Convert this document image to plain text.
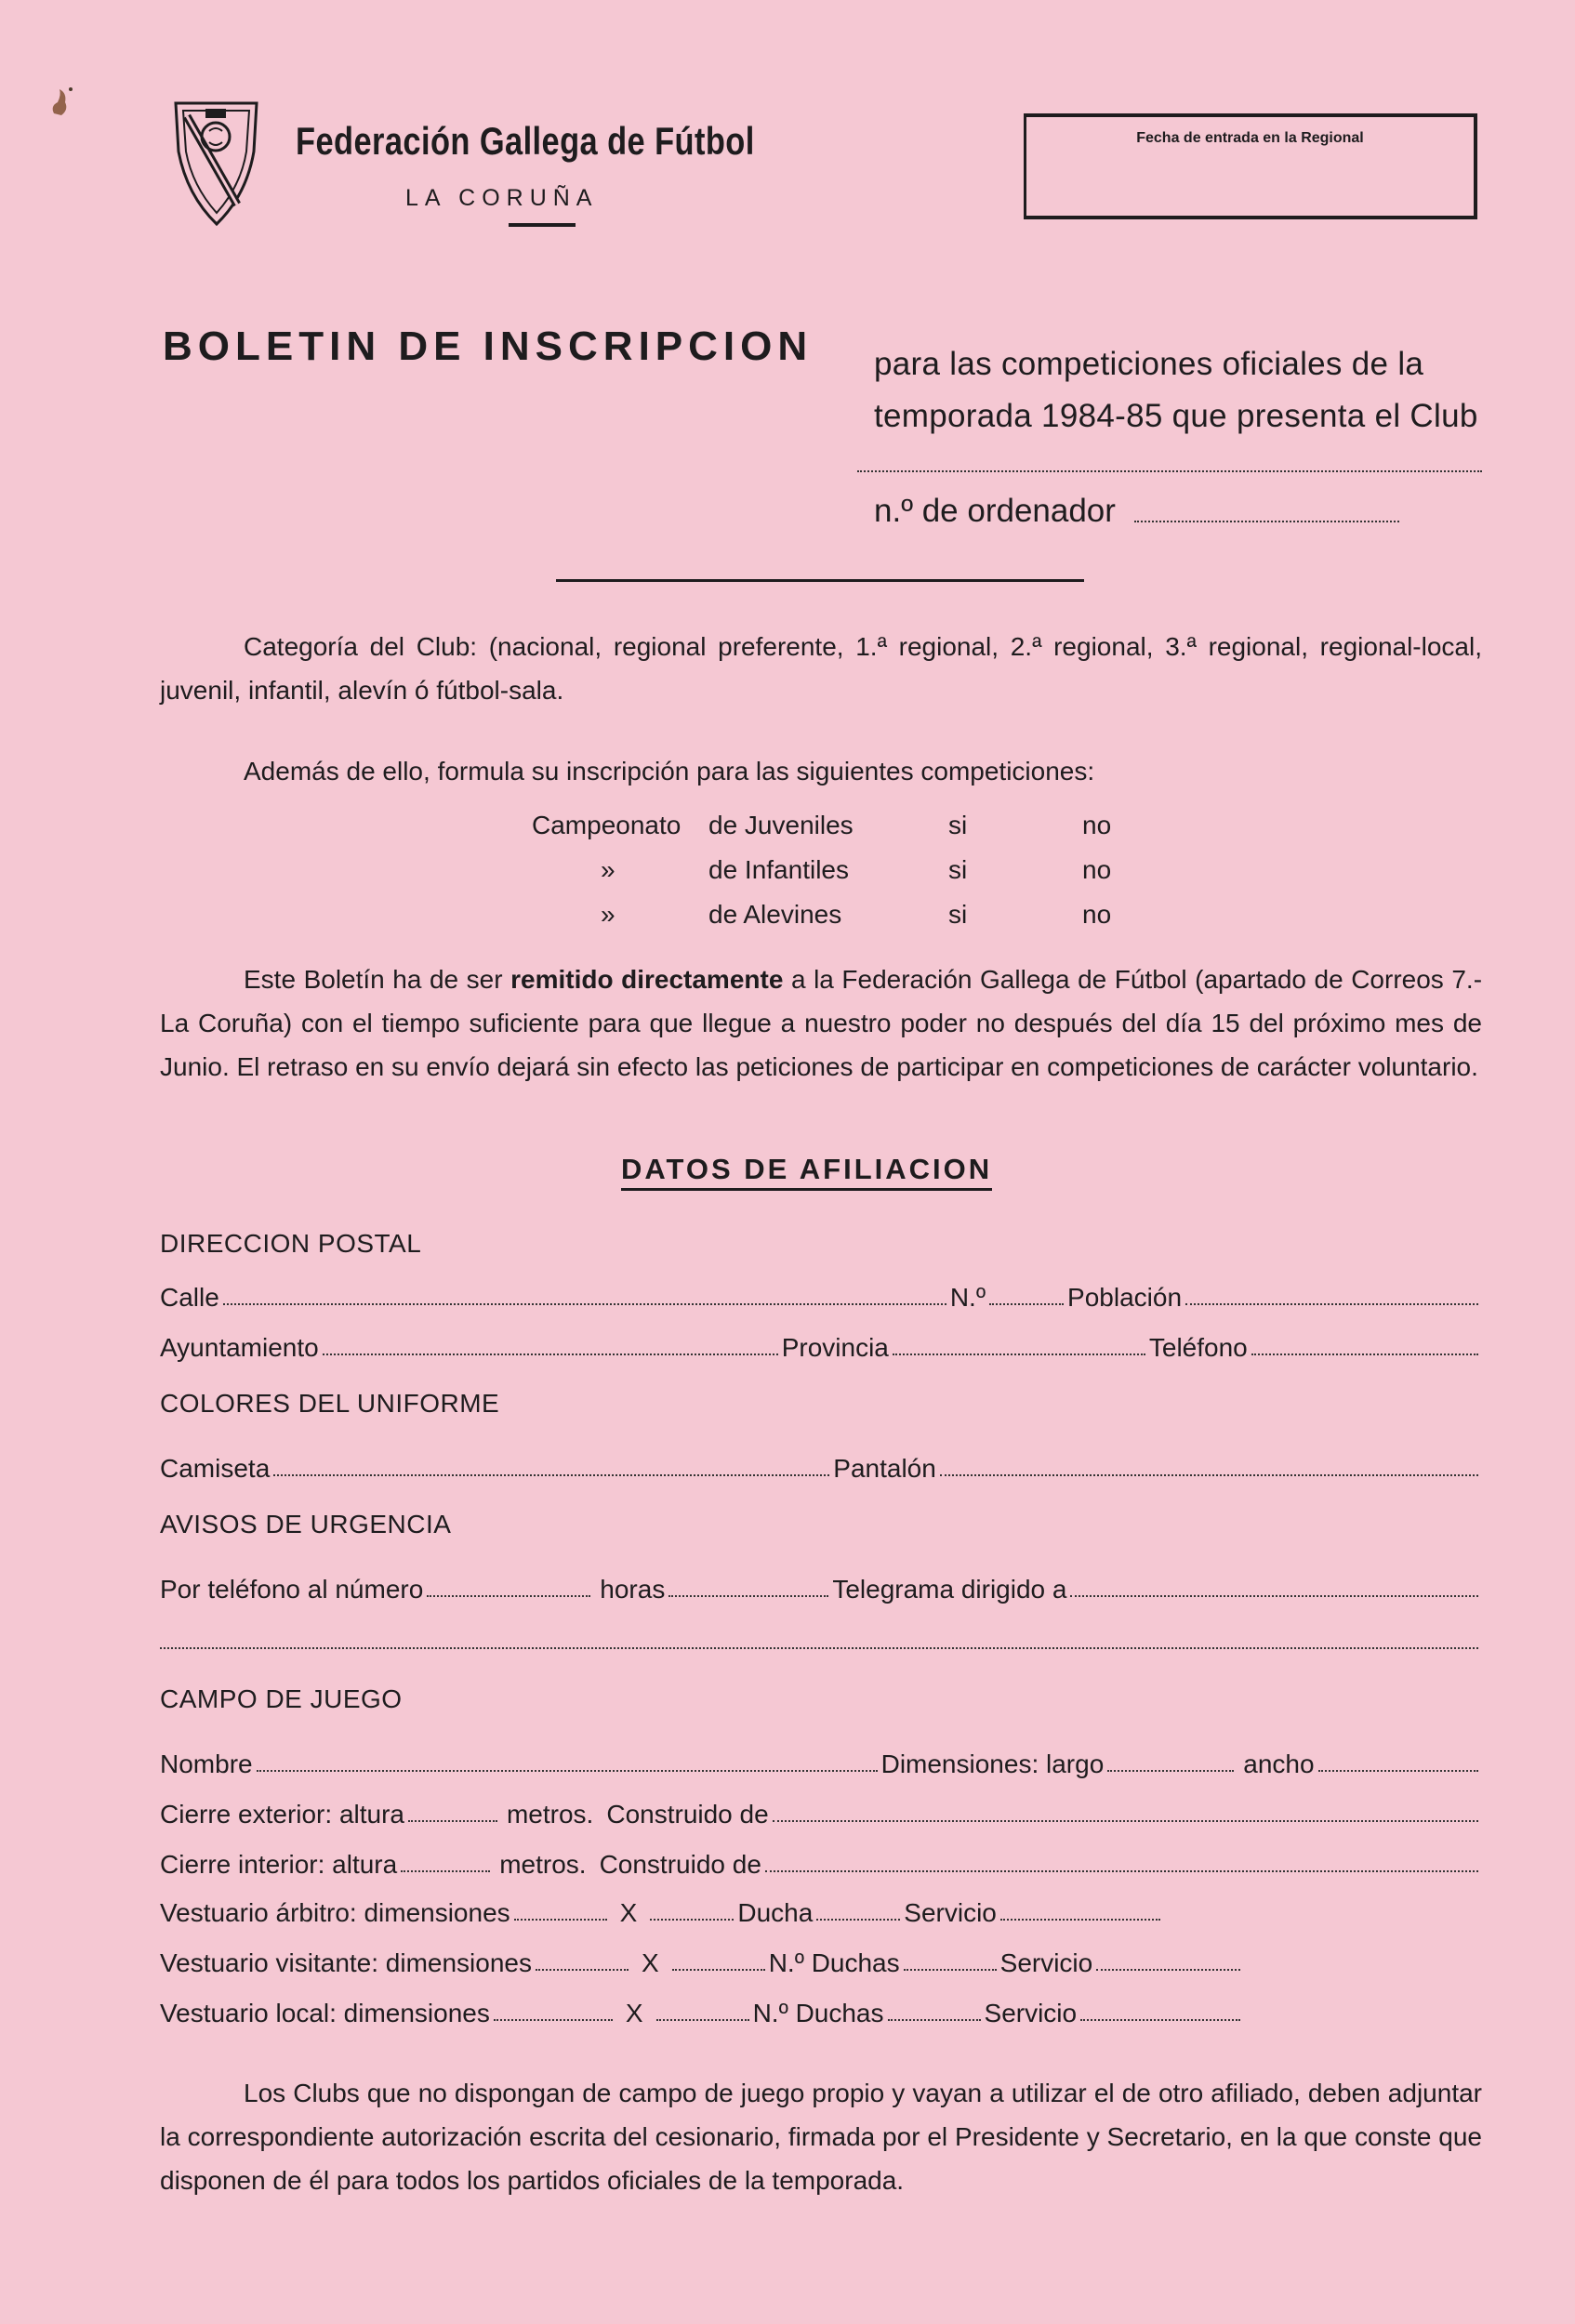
Federación Gallega de Fútbol
LA CORUÑA
Fecha de entrada en la Regional
BOLETIN DE INSCRIPCION para las competiciones oficiales de la temporada 1984-85 que presenta el Club
n.º de ordenador
Categoría del Club: (nacional, regional preferente, 1.ª regional, 2.ª regional, 3.ª regional, regional-local, juvenil, infantil, alevín ó fútbol-sala.
Además de ello, formula su inscripción para las siguientes competiciones:
Campeonato de Juveniles	si	no
»	de Infantiles	si	no
»	de Alevines	si	no
Este Boletín ha de ser remitido directamente a la Federación Gallega de Fútbol (apartado de Correos 7.-La Coruña) con el tiempo suficiente para que llegue a nuestro poder no después del día 15 del próximo mes de Junio. El retraso en su envío dejará sin efecto las peticiones de participar en competiciones de carácter voluntario.
DATOS DE AFILIACION
DIRECCION POSTAL
Calle	N.º	Población
Ayuntamiento	Provincia	Teléfono
COLORES DEL UNIFORME
Camiseta	Pantalón
AVISOS DE URGENCIA
Por teléfono al número	horas	Telegrama dirigido a
CAMPO DE JUEGO
Nombre	Dimensiones: largo	ancho
Cierre exterior: altura	metros. Construido de
Cierre interior: altura	metros. Construido de
Vestuario árbitro: dimensiones	X	Ducha	Servicio
Vestuario visitante: dimensiones	X	N.º Duchas	Servicio
Vestuario local: dimensiones	X	N.º Duchas	Servicio
Los Clubs que no dispongan de campo de juego propio y vayan a utilizar el de otro afiliado, deben adjuntar la correspondiente autorización escrita del cesionario, firmada por el Presidente y Secretario, en la que conste que disponen de él para todos los partidos oficiales de la temporada.
